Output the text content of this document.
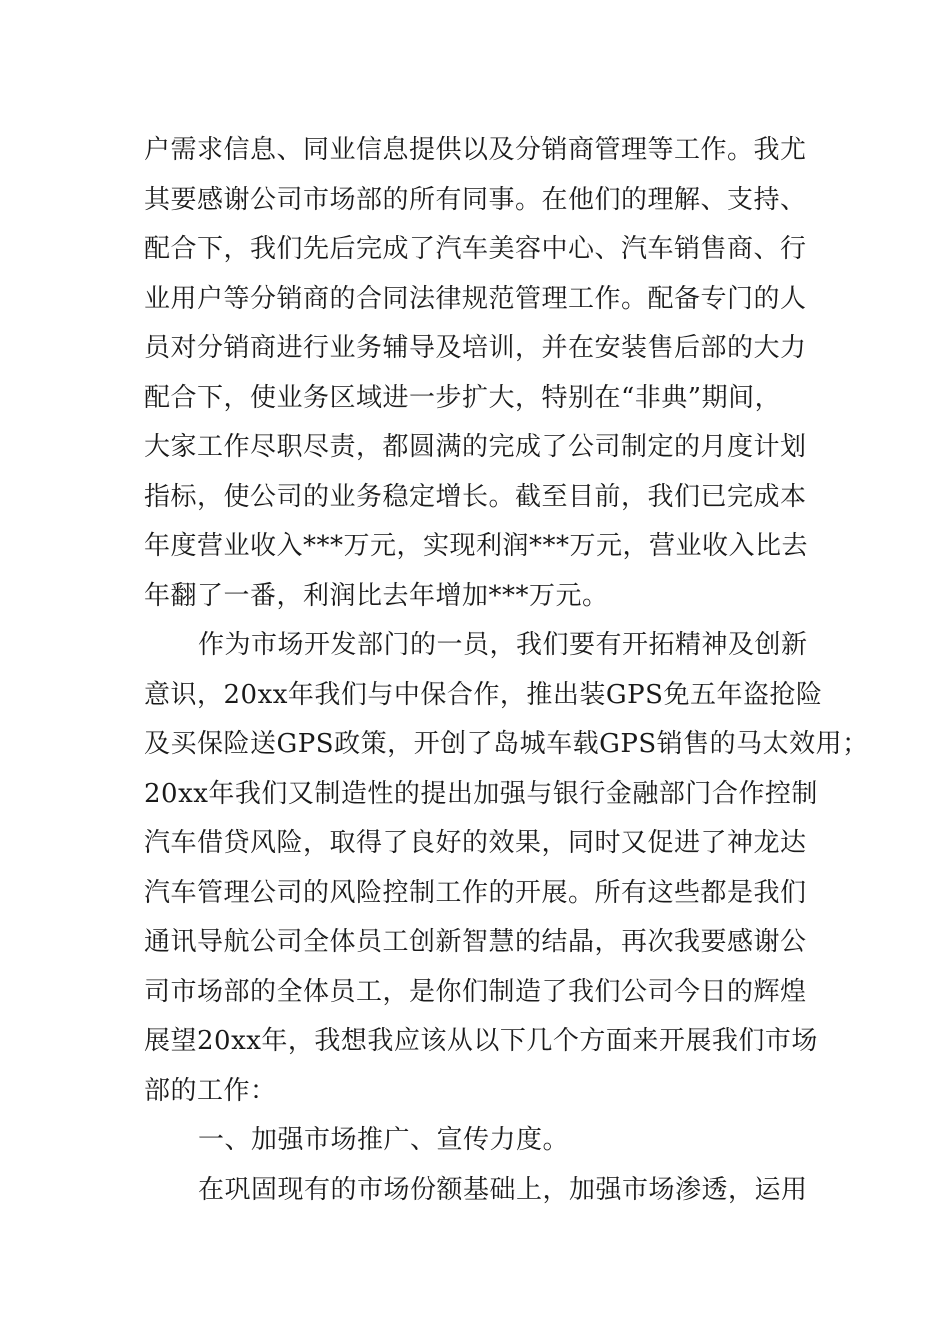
户需求信息、同业信息提供以及分销商管理等工作。我尤
其要感谢公司市场部的所有同事。在他们的理解、支持、
配合下，我们先后完成了汽车美容中心、汽车销售商、行
业用户等分销商的合同法律规范管理工作。配备专门的人
员对分销商进行业务辅导及培训，并在安装售后部的大力
配合下，使业务区域进一步扩大，特别在“非典”期间，
大家工作尽职尽责，都圆满的完成了公司制定的月度计划
指标，使公司的业务稳定增长。截至目前，我们已完成本
年度营业收入***万元，实现利润***万元，营业收入比去
年翻了一番，利润比去年增加***万元。
作为市场开发部门的一员，我们要有开拓精神及创新
意识，20xx年我们与中保合作，推出装GPS免五年盗抢险
及买保险送GPS政策，开创了岛城车载GPS销售的马太效用；
20xx年我们又制造性的提出加强与银行金融部门合作控制
汽车借贷风险，取得了良好的效果，同时又促进了神龙达
汽车管理公司的风险控制工作的开展。所有这些都是我们
通讯导航公司全体员工创新智慧的结晶，再次我要感谢公
司市场部的全体员工，是你们制造了我们公司今日的辉煌
展望20xx年，我想我应该从以下几个方面来开展我们市场
部的工作：
一、加强市场推广、宣传力度。
在巩固现有的市场份额基础上，加强市场渗透，运用
